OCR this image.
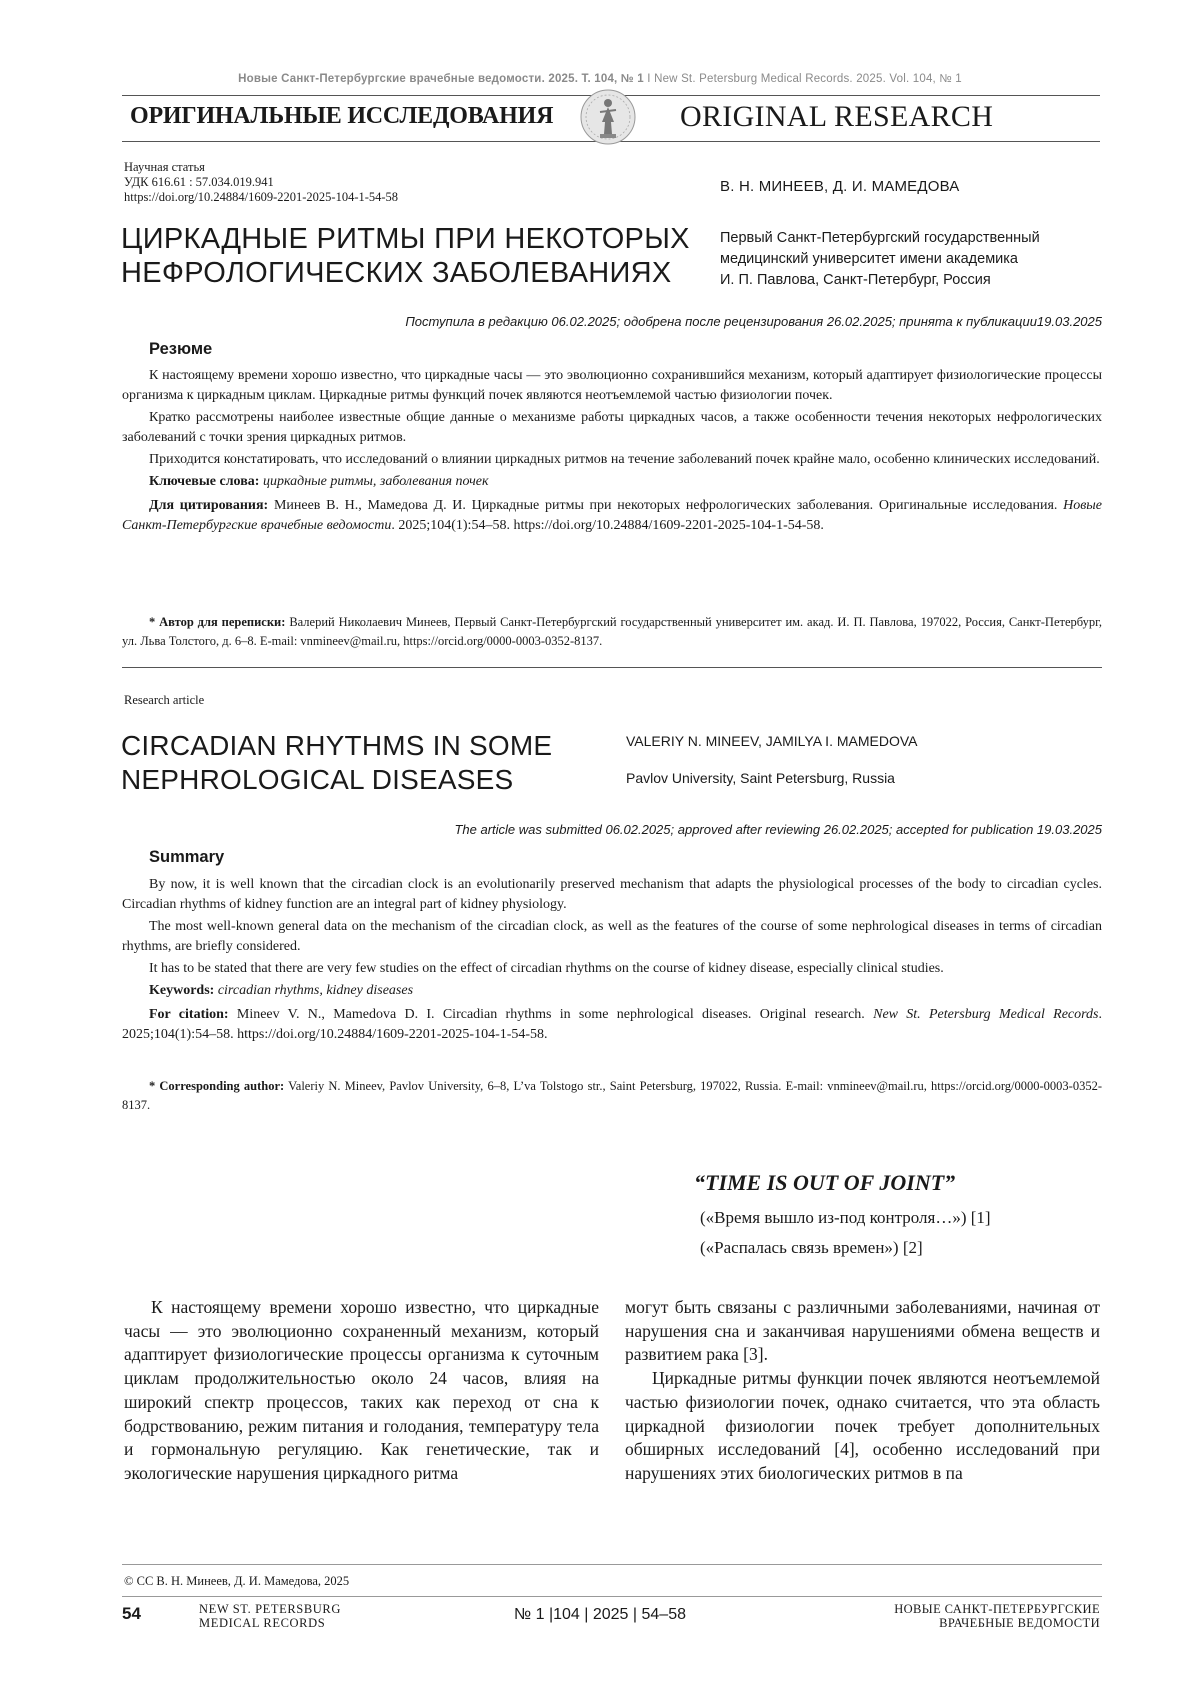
Новые Санкт-Петербургские врачебные ведомости. 2025. Т. 104, № 1 I New St. Petersburg Medical Records. 2025. Vol. 104, № 1
ОРИГИНАЛЬНЫЕ ИССЛЕДОВАНИЯ	ORIGINAL RESEARCH
Научная статья
УДК 616.61 : 57.034.019.941
https://doi.org/10.24884/1609-2201-2025-104-1-54-58
В. Н. МИНЕЕВ, Д. И. МАМЕДОВА
ЦИРКАДНЫЕ РИТМЫ ПРИ НЕКОТОРЫХ
НЕФРОЛОГИЧЕСКИХ ЗАБОЛЕВАНИЯХ
Первый Санкт-Петербургский государственный
медицинский университет имени академика
И. П. Павлова, Санкт-Петербург, Россия
Поступила в редакцию 06.02.2025; одобрена после рецензирования 26.02.2025; принята к публикации19.03.2025
Резюме

К настоящему времени хорошо известно, что циркадные часы — это эволюционно сохранившийся механизм, который адаптирует физиологические процессы организма к циркадным циклам. Циркадные ритмы функций почек являются неотъемлемой частью физиологии почек.

Кратко рассмотрены наиболее известные общие данные о механизме работы циркадных часов, а также особенности течения некоторых нефрологических заболеваний с точки зрения циркадных ритмов.

Приходится констатировать, что исследований о влиянии циркадных ритмов на течение заболеваний почек крайне мало, особенно клинических исследований.

Ключевые слова: циркадные ритмы, заболевания почек

Для цитирования: Минеев В. Н., Мамедова Д. И. Циркадные ритмы при некоторых нефрологических заболевания. Оригинальные исследования. Новые Санкт-Петербургские врачебные ведомости. 2025;104(1):54–58. https://doi.org/10.24884/1609-2201-2025-104-1-54-58.

* Автор для переписки: Валерий Николаевич Минеев, Первый Санкт-Петербургский государственный университет им. акад. И. П. Павлова, 197022, Россия, Санкт-Петербург, ул. Льва Толстого, д. 6–8. E-mail: vnmineev@mail.ru, https://orcid.org/0000-0003-0352-8137.
Research article
CIRCADIAN RHYTHMS IN SOME
NEPHROLOGICAL DISEASES
VALERIY N. MINEEV, JAMILYA I. MAMEDOVA
Pavlov University, Saint Petersburg, Russia
The article was submitted 06.02.2025; approved after reviewing 26.02.2025; accepted for publication 19.03.2025
Summary

By now, it is well known that the circadian clock is an evolutionarily preserved mechanism that adapts the physiological processes of the body to circadian cycles. Circadian rhythms of kidney function are an integral part of kidney physiology.

The most well-known general data on the mechanism of the circadian clock, as well as the features of the course of some nephrological diseases in terms of circadian rhythms, are briefly considered.

It has to be stated that there are very few studies on the effect of circadian rhythms on the course of kidney disease, especially clinical studies.

Keywords: circadian rhythms, kidney diseases

For citation: Mineev V. N., Mamedova D. I. Circadian rhythms in some nephrological diseases. Original research. New St. Petersburg Medical Records. 2025;104(1):54–58. https://doi.org/10.24884/1609-2201-2025-104-1-54-58.

* Corresponding author: Valeriy N. Mineev, Pavlov University, 6–8, L’va Tolstogo str., Saint Petersburg, 197022, Russia. E-mail: vnmineev@mail.ru, https://orcid.org/0000-0003-0352-8137.
“TIME IS OUT OF JOINT”
(«Время вышло из-под контроля…») [1]
(«Распалась связь времен») [2]

К настоящему времени хорошо известно, что циркадные часы — это эволюционно сохраненный механизм, который адаптирует физиологические процессы организма к суточным циклам продолжительностью около 24 часов, влияя на широкий спектр процессов, таких как переход от сна к бодрствованию, режим питания и голодания, температуру тела и гормональную регуляцию. Как генетические, так и экологические нарушения циркадного ритма

могут быть связаны с различными заболеваниями, начиная от нарушения сна и заканчивая нарушениями обмена веществ и развитием рака [3].

Циркадные ритмы функции почек являются неотъемлемой частью физиологии почек, однако считается, что эта область циркадной физиологии почек требует дополнительных обширных исследований [4], особенно исследований при нарушениях этих биологических ритмов в па

© CC В. Н. Минеев, Д. И. Мамедова, 2025
54	NEW ST. PETERSBURG
MEDICAL RECORDS	№ 1 |104 | 2025 | 54–58	НОВЫЕ САНКТ-ПЕТЕРБУРГСКИЕ
ВРАЧЕБНЫЕ ВЕДОМОСТИ
